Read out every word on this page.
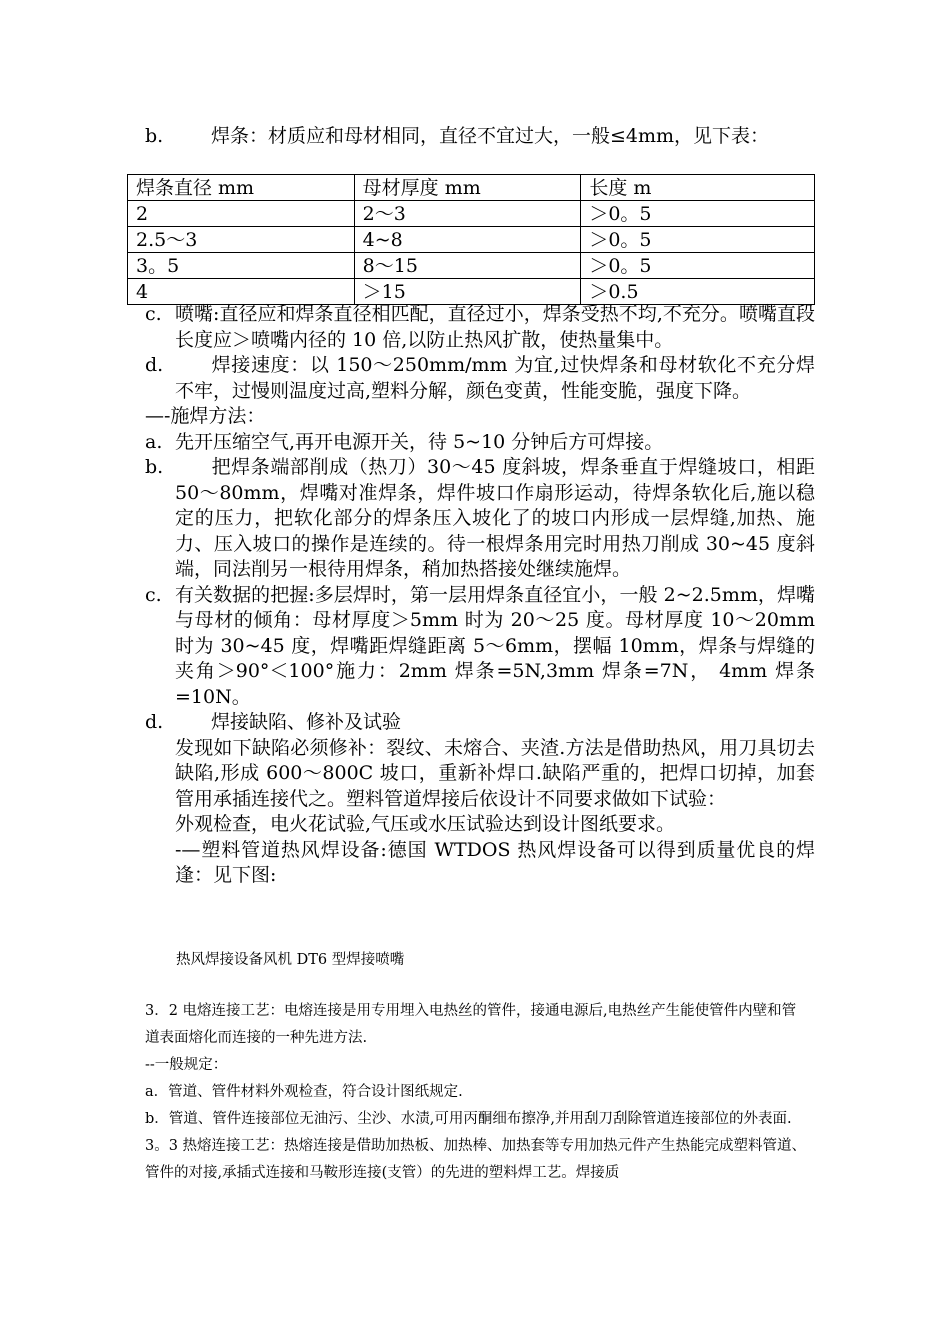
b.	焊条：材质应和母材相同，直径不宜过大，一般≤4mm，见下表：
焊条直径 mm	母材厚度 mm	长度 m
2	2～3	＞0。5
2.5～3	4~8	＞0。5
3。5	8～15	＞0。5
4	＞15	＞0.5
c. 喷嘴:直径应和焊条直径相匹配，直径过小，焊条受热不均,不充分。喷嘴直段长度应＞喷嘴内径的 10 倍,以防止热风扩散，使热量集中。
d.	焊接速度：以 150～250mm/mm 为宜,过快焊条和母材软化不充分焊不牢，过慢则温度过高,塑料分解，颜色变黄，性能变脆，强度下降。
—-施焊方法：
a. 先开压缩空气,再开电源开关，待 5~10 分钟后方可焊接。
b.	把焊条端部削成（热刀）30～45 度斜坡，焊条垂直于焊缝坡口，相距 50～80mm，焊嘴对准焊条，焊件坡口作扇形运动，待焊条软化后,施以稳定的压力，把软化部分的焊条压入坡化了的坡口内形成一层焊缝,加热、施力、压入坡口的操作是连续的。待一根焊条用完时用热刀削成 30~45 度斜端，同法削另一根待用焊条，稍加热搭接处继续施焊。
c. 有关数据的把握:多层焊时，第一层用焊条直径宜小，一般 2~2.5mm，焊嘴与母材的倾角：母材厚度＞5mm 时为 20～25 度。母材厚度 10～20mm 时为 30~45 度，焊嘴距焊缝距离 5～6mm，摆幅 10mm，焊条与焊缝的夹角＞90°＜100°施力：2mm 焊条=5N,3mm 焊条=7N， 4mm 焊条=10N。
d.	焊接缺陷、修补及试验
发现如下缺陷必须修补：裂纹、未熔合、夹渣.方法是借助热风，用刀具切去缺陷,形成 600～800C 坡口，重新补焊口.缺陷严重的，把焊口切掉，加套管用承插连接代之。塑料管道焊接后依设计不同要求做如下试验：
外观检查，电火花试验,气压或水压试验达到设计图纸要求。
-—塑料管道热风焊设备:德国 WTDOS 热风焊设备可以得到质量优良的焊逢：见下图:
热风焊接设备风机 DT6 型焊接喷嘴

3．2 电熔连接工艺：电熔连接是用专用埋入电热丝的管件，接通电源后,电热丝产生能使管件内壁和管道表面熔化而连接的一种先进方法.

--一般规定：

a．管道、管件材料外观检查，符合设计图纸规定.

b．管道、管件连接部位无油污、尘沙、水渍,可用丙酮细布擦净,并用刮刀刮除管道连接部位的外表面.

3。3 热熔连接工艺：热熔连接是借助加热板、加热棒、加热套等专用加热元件产生热能完成塑料管道、管件的对接,承插式连接和马鞍形连接(支管）的先进的塑料焊工艺。焊接质
